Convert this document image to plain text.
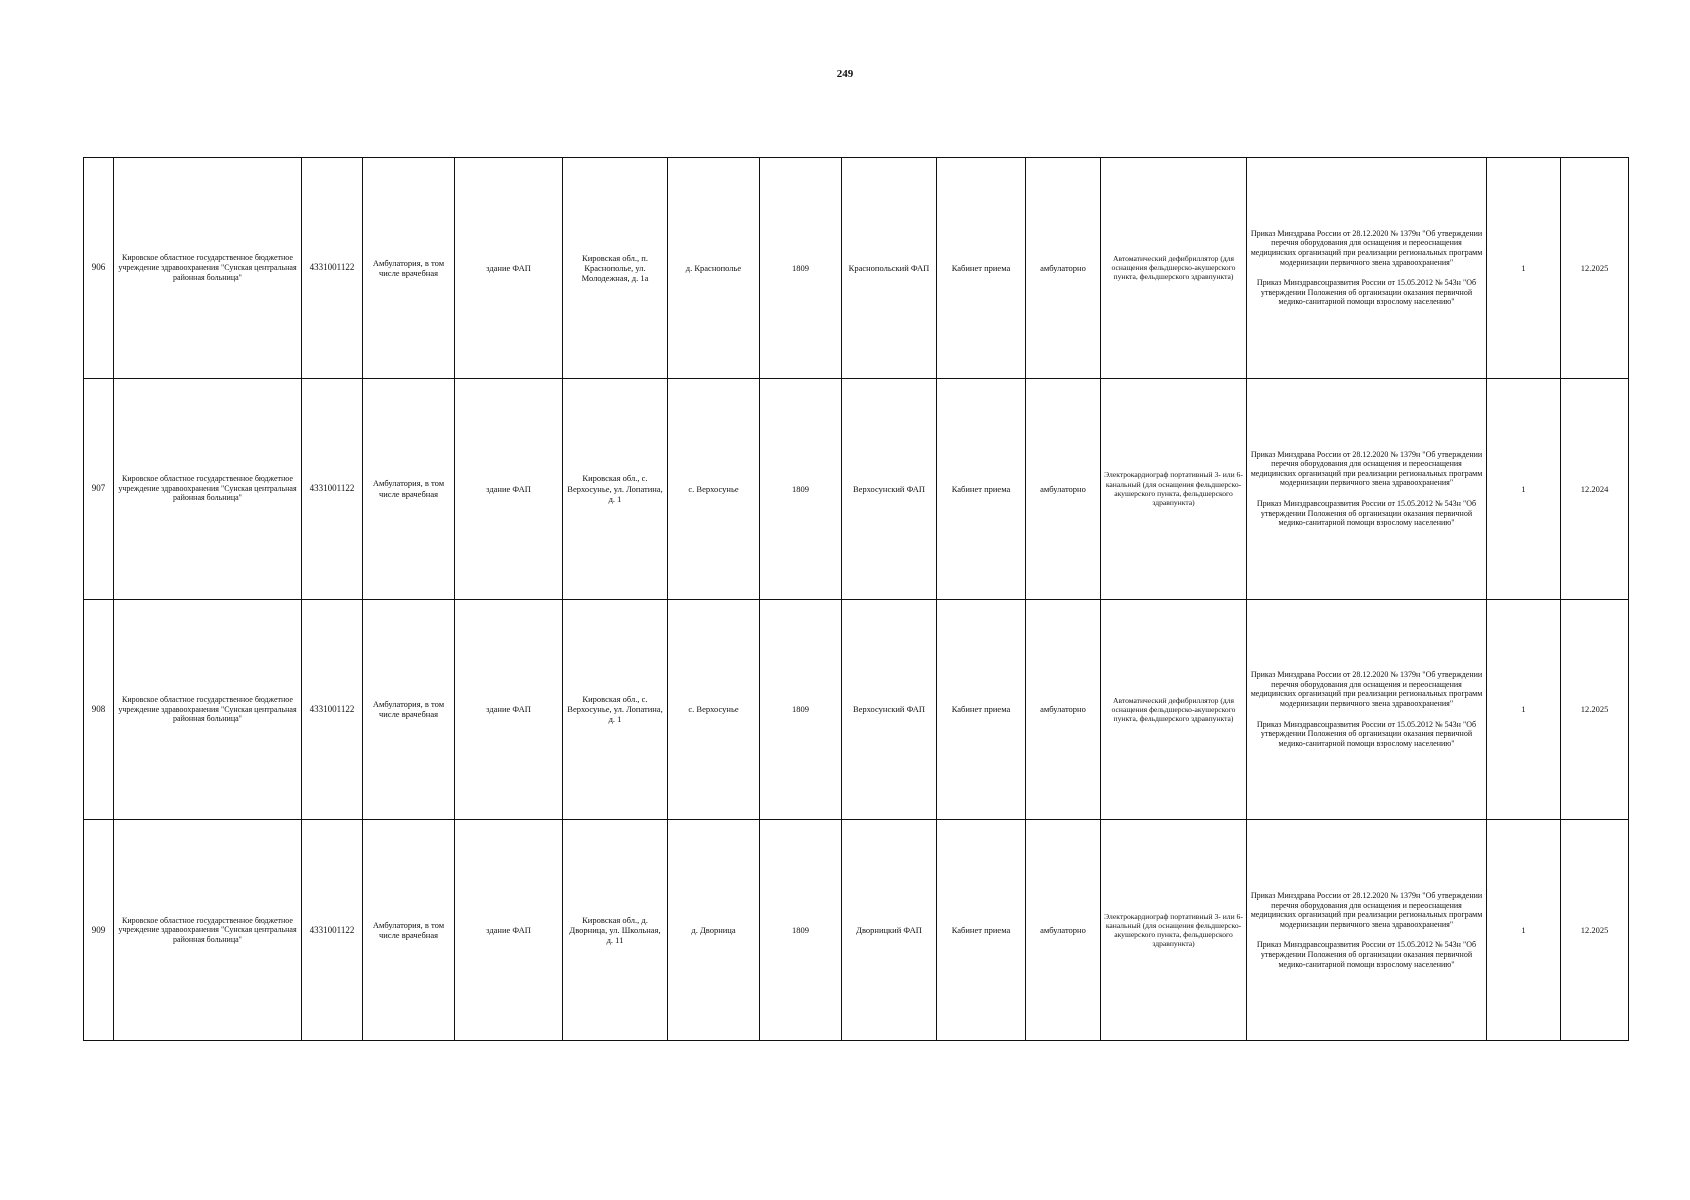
249
906	Кировское областное государственное бюджетное учреждение здравоохранения "Сунская центральная районная больница"	4331001122	Амбулатория, в том числе врачебная	здание ФАП	Кировская обл., п. Краснополье, ул. Молодежная, д. 1а	д. Краснополье	1809	Краснопольский ФАП	Кабинет приема	амбулаторно	Автоматический дефибриллятор (для оснащения фельдшерско-акушерского пункта, фельдшерского здравпункта)	Приказ Минздрава России от 28.12.2020 № 1379н "Об утверждении перечня оборудования для оснащения и переоснащения медицинских организаций при реализации региональных программ модернизации первичного звена здравоохранения"
Приказ Минздравсоцразвития России от 15.05.2012 № 543н "Об утверждении Положения об организации оказания первичной медико-санитарной помощи взрослому населению"	1	12.2025
907	Кировское областное государственное бюджетное учреждение здравоохранения "Сунская центральная районная больница"	4331001122	Амбулатория, в том числе врачебная	здание ФАП	Кировская обл., с. Верхосунье, ул. Лопатина, д. 1	с. Верхосунье	1809	Верхосунский ФАП	Кабинет приема	амбулаторно	Электрокардиограф портативный 3- или 6-канальный (для оснащения фельдшерско-акушерского пункта, фельдшерского здравпункта)	Приказ Минздрава России от 28.12.2020 № 1379н "Об утверждении перечня оборудования для оснащения и переоснащения медицинских организаций при реализации региональных программ модернизации первичного звена здравоохранения"
Приказ Минздравсоцразвития России от 15.05.2012 № 543н "Об утверждении Положения об организации оказания первичной медико-санитарной помощи взрослому населению"	1	12.2024
908	Кировское областное государственное бюджетное учреждение здравоохранения "Сунская центральная районная больница"	4331001122	Амбулатория, в том числе врачебная	здание ФАП	Кировская обл., с. Верхосунье, ул. Лопатина, д. 1	с. Верхосунье	1809	Верхосунский ФАП	Кабинет приема	амбулаторно	Автоматический дефибриллятор (для оснащения фельдшерско-акушерского пункта, фельдшерского здравпункта)	Приказ Минздрава России от 28.12.2020 № 1379н "Об утверждении перечня оборудования для оснащения и переоснащения медицинских организаций при реализации региональных программ модернизации первичного звена здравоохранения"
Приказ Минздравсоцразвития России от 15.05.2012 № 543н "Об утверждении Положения об организации оказания первичной медико-санитарной помощи взрослому населению"	1	12.2025
909	Кировское областное государственное бюджетное учреждение здравоохранения "Сунская центральная районная больница"	4331001122	Амбулатория, в том числе врачебная	здание ФАП	Кировская обл., д. Дворница, ул. Школьная, д. 11	д. Дворница	1809	Дворницкий ФАП	Кабинет приема	амбулаторно	Электрокардиограф портативный 3- или 6-канальный (для оснащения фельдшерско-акушерского пункта, фельдшерского здравпункта)	Приказ Минздрава России от 28.12.2020 № 1379н "Об утверждении перечня оборудования для оснащения и переоснащения медицинских организаций при реализации региональных программ модернизации первичного звена здравоохранения"
Приказ Минздравсоцразвития России от 15.05.2012 № 543н "Об утверждении Положения об организации оказания первичной медико-санитарной помощи взрослому населению"	1	12.2025
